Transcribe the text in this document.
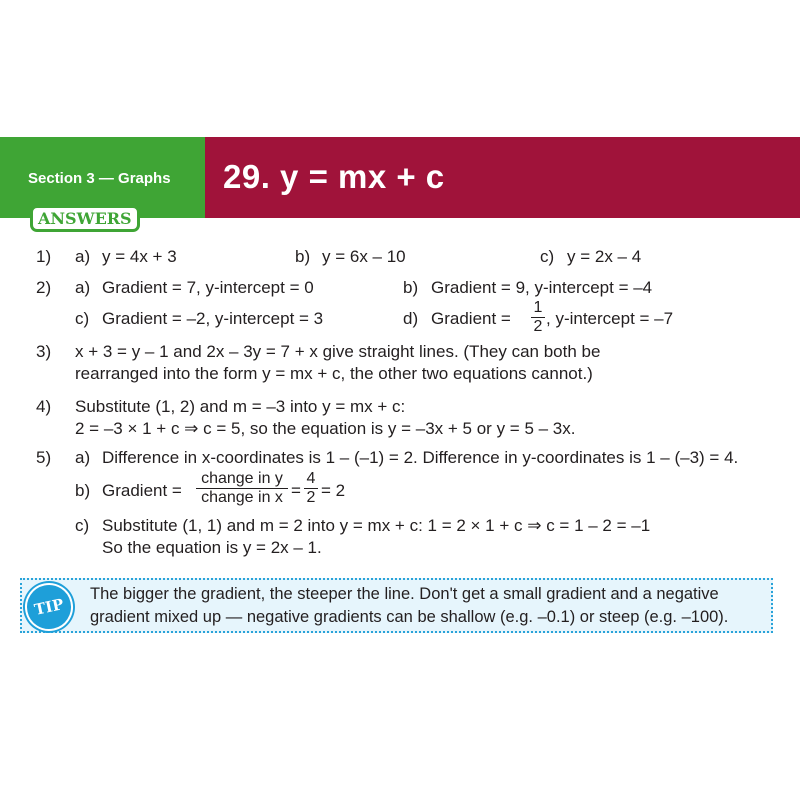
Section 3 — Graphs 29. y = mx + c
ANSWERS
1) a) y = 4x + 3	b) y = 6x – 10	c) y = 2x – 4
2) a) Gradient = 7, y-intercept = 0	b) Gradient = 9, y-intercept = –4
c) Gradient = –2, y-intercept = 3	d) Gradient = $\frac{1}{2}$ , y-intercept = –7
3) x + 3 = y – 1 and 2x – 3y = 7 + x give straight lines. (They can both be
rearranged into the form y = mx + c, the other two equations cannot.)
4) Substitute (1, 2) and m = –3 into y = mx + c:
2 = –3 × 1 + c ⇒ c = 5, so the equation is y = –3x + 5 or y = 5 – 3x.
5) a) Difference in x-coordinates is 1 – (–1) = 2. Difference in y-coordinates is 1 – (–3) = 4.
b) Gradient =
change in y
change in $x = \frac{4}{2} = 2$
c) Substitute (1, 1) and m = 2 into y = mx + c: 1 = 2 × 1 + c ⇒ c = 1 – 2 = –1
So the equation is y = 2x – 1.
TIP
The bigger the gradient, the steeper the line. Don't get a small gradient and a negative
gradient mixed up — negative gradients can be shallow (e.g. –0.1) or steep (e.g. –100).
